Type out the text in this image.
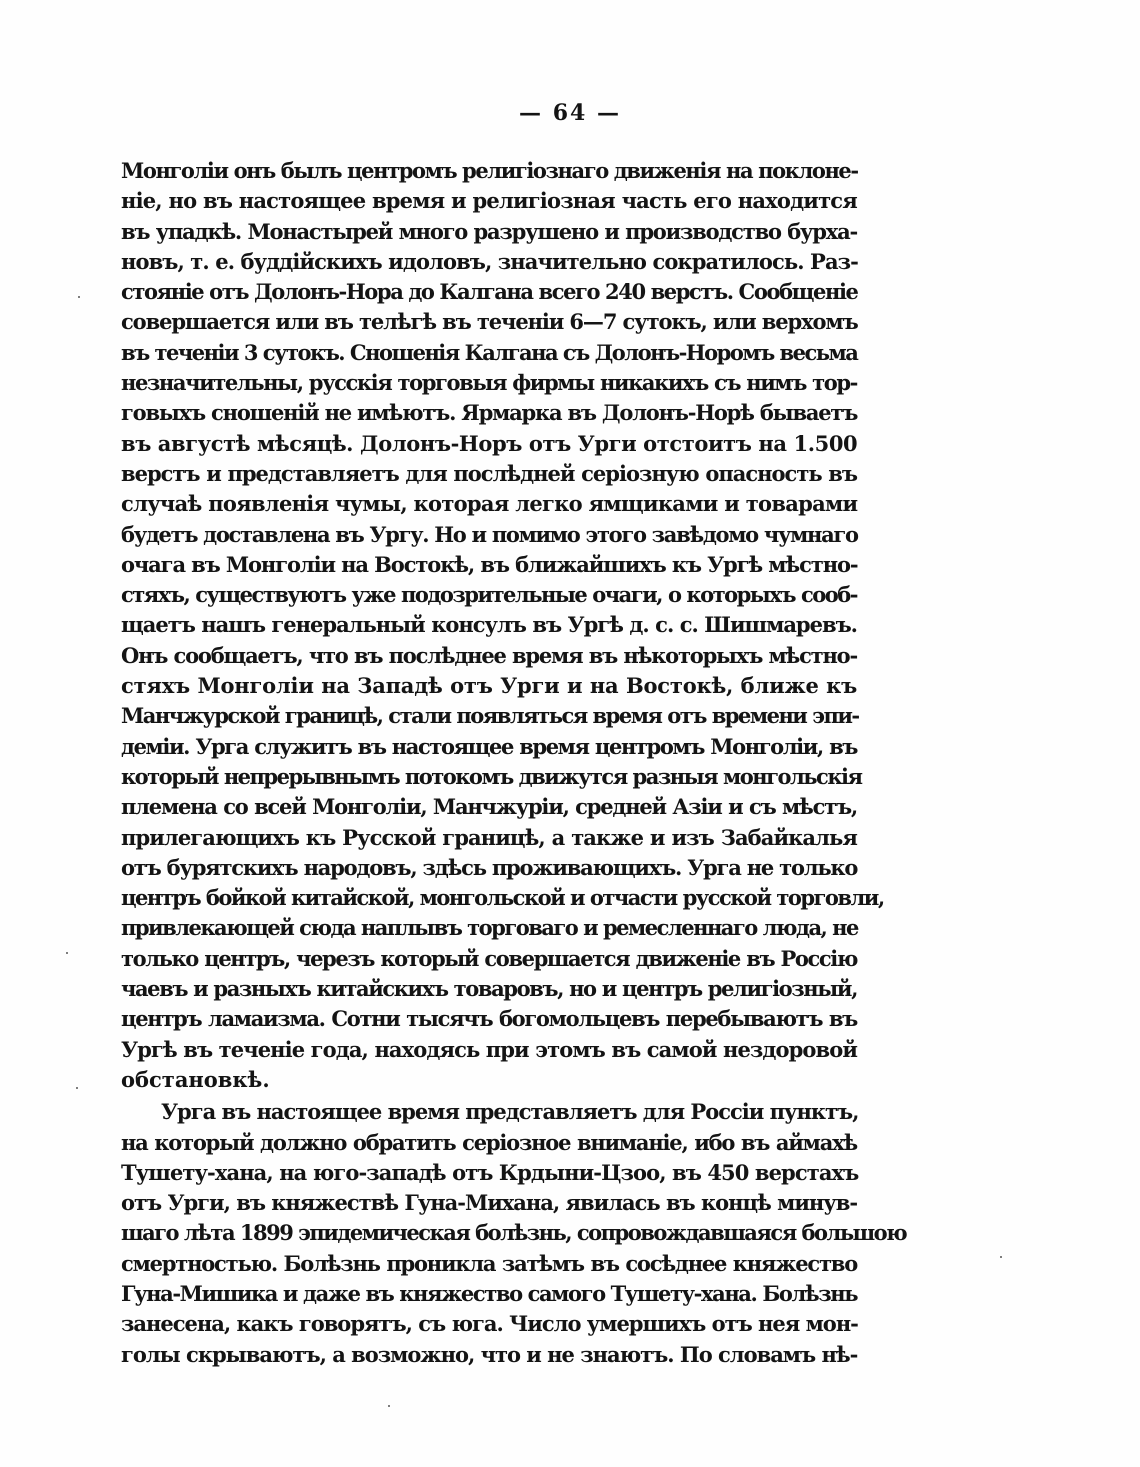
— 64 —
Монголіи онъ былъ центромъ религіознаго движенія на поклоне-
ніе, но въ настоящее время и религіозная часть его находится
въ упадкѣ. Монастырей много разрушено и производство бурха-
новъ, т. е. буддійскихъ идоловъ, значительно сократилось. Раз-
стояніе отъ Долонъ-Нора до Калгана всего 240 верстъ. Сообщеніе
совершается или въ телѣгѣ въ теченіи 6—7 сутокъ, или верхомъ
въ теченіи 3 сутокъ. Сношенія Калгана съ Долонъ-Норомъ весьма
незначительны, русскія торговыя фирмы никакихъ съ нимъ тор-
говыхъ сношеній не имѣютъ. Ярмарка въ Долонъ-Норѣ бываетъ
въ августѣ мѣсяцѣ. Долонъ-Норъ отъ Урги отстоитъ на 1.500
верстъ и представляетъ для послѣдней серіозную опасность въ
случаѣ появленія чумы, которая легко ямщиками и товарами
будетъ доставлена въ Ургу. Но и помимо этого завѣдомо чумнаго
очага въ Монголіи на Востокѣ, въ ближайшихъ къ Ургѣ мѣстно-
стяхъ, существуютъ уже подозрительные очаги, о которыхъ сооб-
щаетъ нашъ генеральный консулъ въ Ургѣ д. с. с. Шишмаревъ.
Онъ сообщаетъ, что въ послѣднее время въ нѣкоторыхъ мѣстно-
стяхъ Монголіи на Западѣ отъ Урги и на Востокѣ, ближе къ
Манчжурской границѣ, стали появляться время отъ времени эпи-
деміи. Урга служитъ въ настоящее время центромъ Монголіи, въ
который непрерывнымъ потокомъ движутся разныя монгольскія
племена со всей Монголіи, Манчжуріи, средней Азіи и съ мѣстъ,
прилегающихъ къ Русской границѣ, а также и изъ Забайкалья
отъ бурятскихъ народовъ, здѣсь проживающихъ. Урга не только
центръ бойкой китайской, монгольской и отчасти русской торговли,
привлекающей сюда наплывъ торговаго и ремесленнаго люда, не
только центръ, черезъ который совершается движеніе въ Россію
чаевъ и разныхъ китайскихъ товаровъ, но и центръ религіозный,
центръ ламаизма. Сотни тысячъ богомольцевъ перебываютъ въ
Ургѣ въ теченіе года, находясь при этомъ въ самой нездоровой
обстановкѣ.
Урга въ настоящее время представляетъ для Россіи пунктъ,
на который должно обратить серіозное вниманіе, ибо въ аймахѣ
Тушету-хана, на юго-западѣ отъ Крдыни-Цзоо, въ 450 верстахъ
отъ Урги, въ княжествѣ Гуна-Михана, явилась въ концѣ минув-
шаго лѣта 1899 эпидемическая болѣзнь, сопровождавшаяся большою
смертностью. Болѣзнь проникла затѣмъ въ сосѣднее княжество
Гуна-Мишика и даже въ княжество самого Тушету-хана. Болѣзнь
занесена, какъ говорятъ, съ юга. Число умершихъ отъ нея мон-
голы скрываютъ, а возможно, что и не знаютъ. По словамъ нѣ-
